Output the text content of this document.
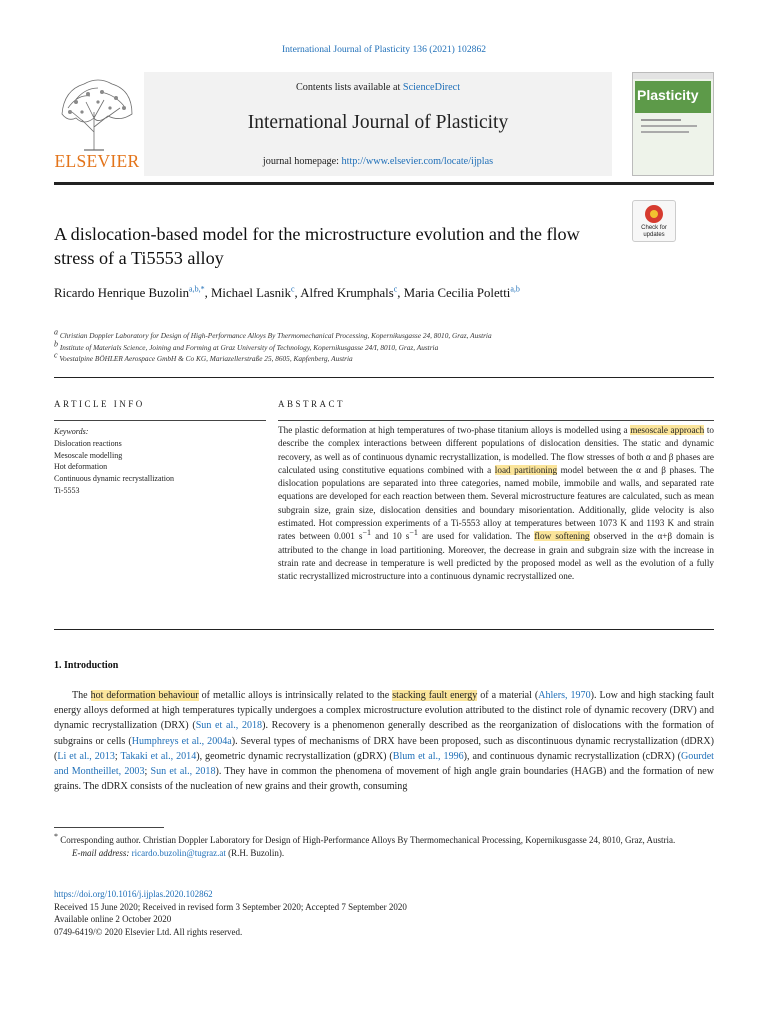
International Journal of Plasticity 136 (2021) 102862
ELSEVIER
Contents lists available at ScienceDirect
International Journal of Plasticity
journal homepage: http://www.elsevier.com/locate/ijplas
Plasticity
A dislocation-based model for the microstructure evolution and the flow stress of a Ti5553 alloy
Check for updates
Ricardo Henrique Buzolin$^{a,b,*}$, Michael Lasnik$^c$, Alfred Krumphals$^c$, Maria Cecilia Poletti$^{a,b}$
$^a$ Christian Doppler Laboratory for Design of High-Performance Alloys By Thermomechanical Processing, Kopernikusgasse 24, 8010, Graz, Austria
$^b$ Institute of Materials Science, Joining and Forming at Graz University of Technology, Kopernikusgasse 24/I, 8010, Graz, Austria
$^c$ Voestalpine BÖHLER Aerospace GmbH & Co KG, Mariazellerstraße 25, 8605, Kapfenberg, Austria
ARTICLE INFO	ABSTRACT
Keywords:
Dislocation reactions
Mesoscale modelling
Hot deformation
Continuous dynamic recrystallization
Ti-5553
The plastic deformation at high temperatures of two-phase titanium alloys is modelled using a mesoscale approach to describe the complex interactions between different populations of dislocation densities. The static and dynamic recovery, as well as of continuous dynamic recrystallization, is modelled. The flow stresses of both α and β phases are calculated using constitutive equations combined with a load partitioning model between the α and β phases. The dislocation populations are separated into three categories, named mobile, immobile and walls, and separated rate equations are developed for each reaction between them. Several microstructure features are calculated, such as mean subgrain size, grain size, dislocation densities and boundary misorientation. Additionally, glide velocity is also estimated. Hot compression experiments of a Ti-5553 alloy at temperatures between 1073 K and 1193 K and strain rates between 0.001 $s^{-1}$ and 10 $s^{-1}$ are used for validation. The flow softening observed in the α+β domain is attributed to the change in load partitioning. Moreover, the decrease in grain and subgrain size with the increase in strain rate and decrease in temperature is well predicted by the proposed model as well as the evolution of a fully static recrystallized microstructure into a continuous dynamic recrystallized one.
1. Introduction

The hot deformation behaviour of metallic alloys is intrinsically related to the stacking fault energy of a material (Ahlers, 1970). Low and high stacking fault energy alloys deformed at high temperatures typically undergoes a complex microstructure evolution attributed to the distinct role of dynamic recovery (DRV) and dynamic recrystallization (DRX) (Sun et al., 2018). Recovery is a phenomenon generally described as the reorganization of dislocations with the formation of subgrains or cells (Humphreys et al., 2004a). Several types of mechanisms of DRX have been proposed, such as discontinuous dynamic recrystallization (dDRX) (Li et al., 2013; Takaki et al., 2014), geometric dynamic recrystallization (gDRX) (Blum et al., 1996), and continuous dynamic recrystallization (cDRX) (Gourdet and Montheillet, 2003; Sun et al., 2018). They have in common the phenomena of movement of high angle grain boundaries (HAGB) and the formation of new grains. The dDRX consists of the nucleation of new grains and their growth, consuming

* Corresponding author. Christian Doppler Laboratory for Design of High-Performance Alloys By Thermomechanical Processing, Kopernikusgasse 24, 8010, Graz, Austria.
E-mail address: ricardo.buzolin@tugraz.at (R.H. Buzolin).
https://doi.org/10.1016/j.ijplas.2020.102862
Received 15 June 2020; Received in revised form 3 September 2020; Accepted 7 September 2020
Available online 2 October 2020
0749-6419/© 2020 Elsevier Ltd. All rights reserved.
